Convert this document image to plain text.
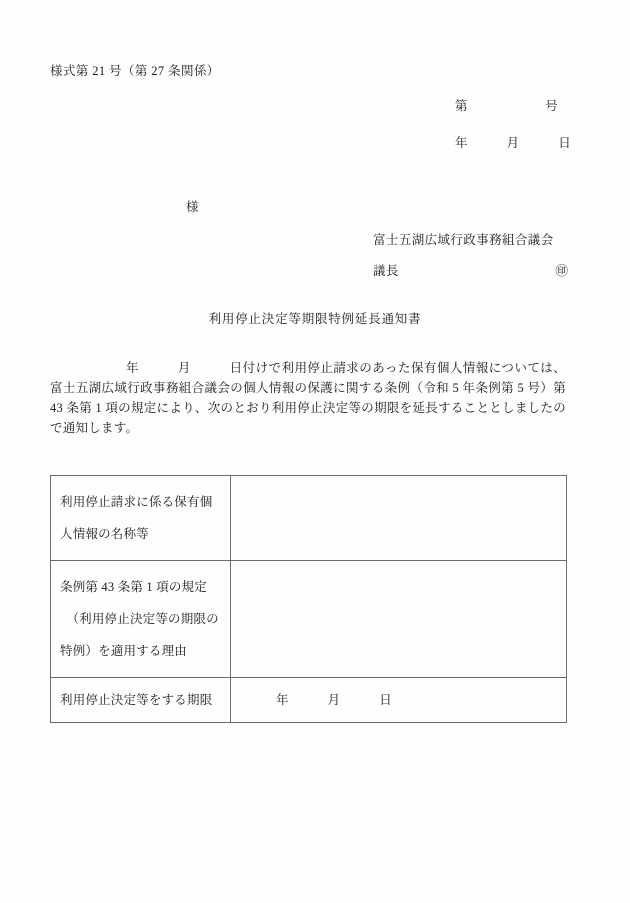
様式第 21 号（第 27 条関係）
第　　　　　　号
年　　　月　　　日
様
富士五湖広域行政事務組合議会
議長	㊞
利用停止決定等期限特例延長通知書
年　　　月　　　日付けで利用停止請求のあった保有個人情報については、富士五湖広域行政事務組合議会の個人情報の保護に関する条例（令和 5 年条例第 5 号）第 43 条第 1 項の規定により、次のとおり利用停止決定等の期限を延長することとしましたので通知します。
利用停止請求に係る保有個
人情報の名称等	

条例第 43 条第 1 項の規定
　（利用停止決定等の期限の
特例）を適用する理由	

利用停止決定等をする期限	年　　　月　　　日
